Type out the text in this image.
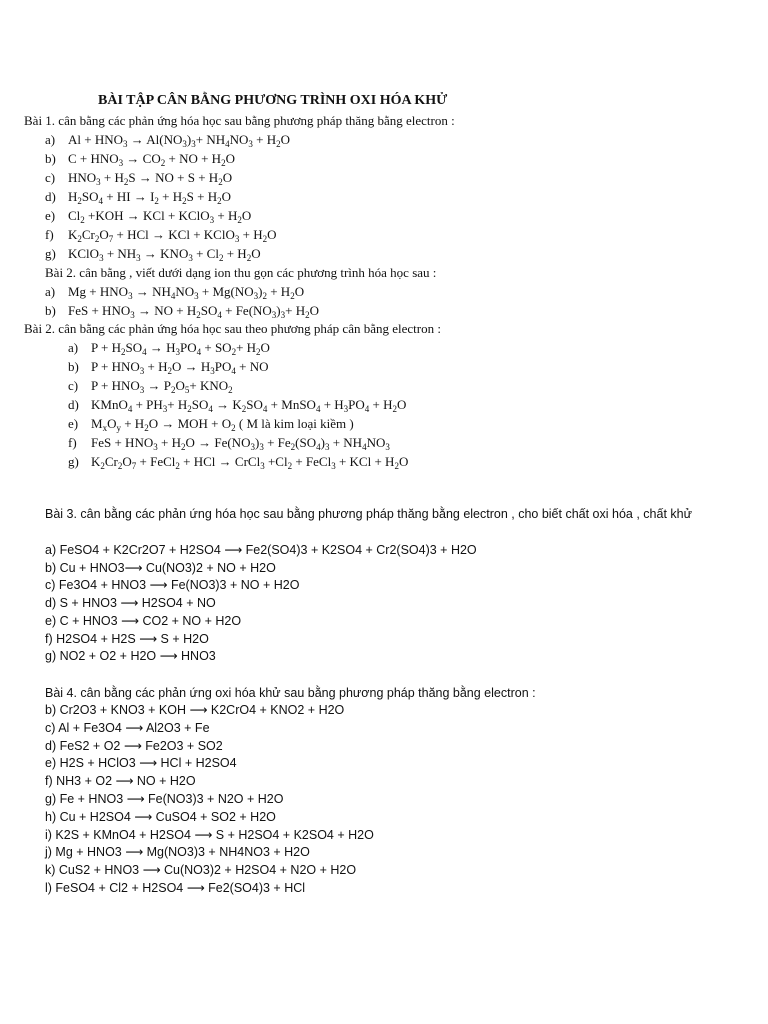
BÀI TẬP CÂN BẰNG PHƯƠNG TRÌNH OXI HÓA KHỬ
Bài 1. cân bằng các phản ứng hóa học sau bằng phương pháp thăng bằng electron :
a) $Al + HNO_3 \to Al(NO_3)_3+ NH_4NO_3 + H_2O$
b) $C + HNO_3 \to CO_2$ + NO + $H_2O$
c) $HNO_3 + H_2S$ → NO + $S + H_2O$
d) $H_2SO_4$ + HI → $I_2 + H_2S + H_2O$
e) $Cl_2 +KOH$ → KCl + KClO$_3$ + $H_2O$
f) $K_2Cr_2O_7$ + HCl → KCl + KClO$_3$ + $H_2O$
g) KClO$_3$ + $NH_3 \to KNO_3 + Cl_2 + H_2O$
Bài 2. cân bằng , viết dưới dạng ion thu gọn các phương trình hóa học sau :
a) $Mg + HNO_3 \to NH_4NO_3 + Mg(NO_3)_2 + H_2O$
b) FeS + $HNO_3$ → NO + $H_2SO_4 + Fe(NO_3)_3+ H_2O$
Bài 2. cân bằng các phản ứng hóa học sau theo phương pháp cân bằng electron :
a) $P + H_2SO_4 \to H_3PO_4 + SO_2+ H_2O$
b) $P + HNO_3 + H_2O \to H_3PO_4$ + NO
c) $P + HNO_3 \to P_2O_5+ KNO_2$
d) KMnO$_4$ + $PH_3+ H_2SO_4 \to K_2SO_4$ + MnSO$_4$ + $H_3PO_4 + H_2O$
e) $M_xO_y + H_2O$ → MOH + $O_2$ ( M là kim loại kiềm )
f) FeS + $HNO_3 + H_2O \to Fe(NO_3)_3 + Fe_2(SO_4)_3 + NH_4NO_3$
g) $K_2Cr_2O_7$ + FeCl$_2$ + HCl → CrCl$_3$ $+Cl_2$ + FeCl$_3$ + KCl + $H_2O$
Bài 3. cân bằng các phản ứng hóa học sau bằng phương pháp thăng bằng electron , cho biết chất oxi hóa , chất khử
a) FeSO4 + K2Cr2O7 + H2SO4 ⟶ Fe2(SO4)3 + K2SO4 + Cr2(SO4)3 + H2O
b) Cu + HNO3⟶ Cu(NO3)2 + NO + H2O
c) Fe3O4 + HNO3 ⟶ Fe(NO3)3 + NO + H2O
d) S + HNO3 ⟶ H2SO4 + NO
e) C + HNO3 ⟶ CO2 + NO + H2O
f) H2SO4 + H2S ⟶ S + H2O
g) NO2 + O2 + H2O ⟶ HNO3
Bài 4. cân bằng các phản ứng oxi hóa khử sau bằng phương pháp thăng bằng electron :
b) Cr2O3 + KNO3 + KOH ⟶ K2CrO4 + KNO2 + H2O
c) Al + Fe3O4 ⟶ Al2O3 + Fe
d) FeS2 + O2 ⟶ Fe2O3 + SO2
e) H2S + HClO3 ⟶ HCl + H2SO4
f) NH3 + O2 ⟶ NO + H2O
g) Fe + HNO3 ⟶ Fe(NO3)3 + N2O + H2O
h) Cu + H2SO4 ⟶ CuSO4 + SO2 + H2O
i) K2S + KMnO4 + H2SO4 ⟶ S + H2SO4 + K2SO4 + H2O
j) Mg + HNO3 ⟶ Mg(NO3)3 + NH4NO3 + H2O
k) CuS2 + HNO3 ⟶ Cu(NO3)2 + H2SO4 + N2O + H2O
l) FeSO4 + Cl2 + H2SO4 ⟶ Fe2(SO4)3 + HCl
